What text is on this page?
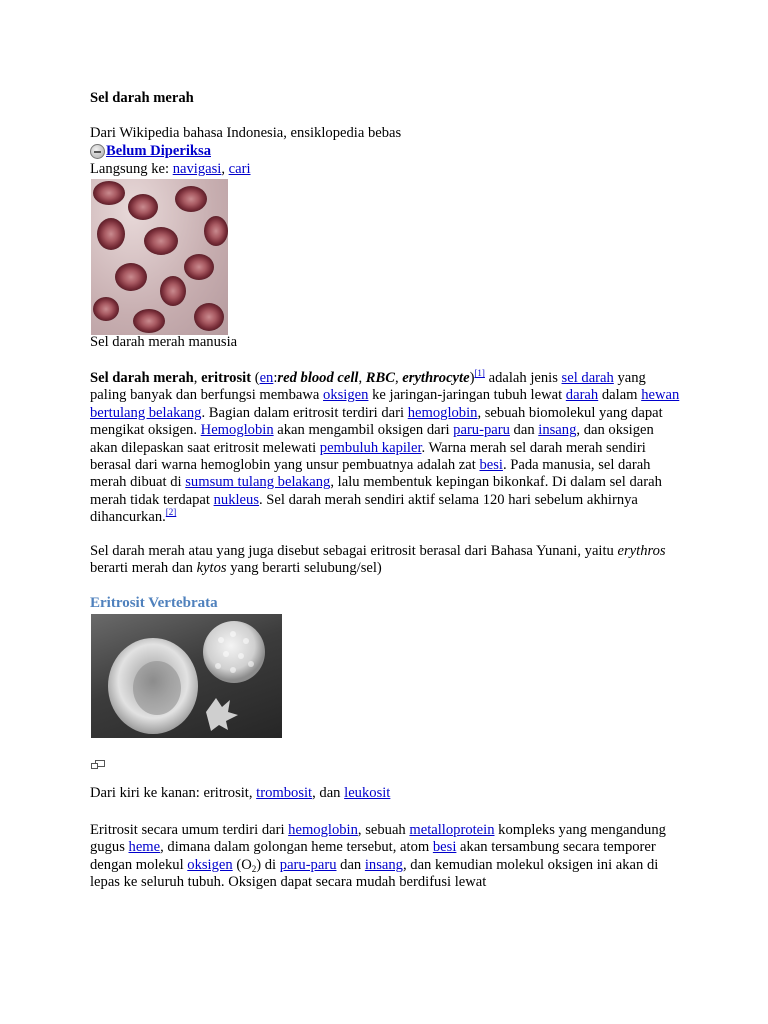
Sel darah merah
Dari Wikipedia bahasa Indonesia, ensiklopedia bebas
Belum Diperiksa
Langsung ke: navigasi, cari
Sel darah merah manusia

Sel darah merah, eritrosit (en:red blood cell, RBC, erythrocyte)[1] adalah jenis sel darah yang paling banyak dan berfungsi membawa oksigen ke jaringan-jaringan tubuh lewat darah dalam hewan bertulang belakang. Bagian dalam eritrosit terdiri dari hemoglobin, sebuah biomolekul yang dapat mengikat oksigen. Hemoglobin akan mengambil oksigen dari paru-paru dan insang, dan oksigen akan dilepaskan saat eritrosit melewati pembuluh kapiler. Warna merah sel darah merah sendiri berasal dari warna hemoglobin yang unsur pembuatnya adalah zat besi. Pada manusia, sel darah merah dibuat di sumsum tulang belakang, lalu membentuk kepingan bikonkaf. Di dalam sel darah merah tidak terdapat nukleus. Sel darah merah sendiri aktif selama 120 hari sebelum akhirnya dihancurkan.[2]

Sel darah merah atau yang juga disebut sebagai eritrosit berasal dari Bahasa Yunani, yaitu erythros berarti merah dan kytos yang berarti selubung/sel)

Eritrosit Vertebrata
Dari kiri ke kanan: eritrosit, trombosit, dan leukosit

Eritrosit secara umum terdiri dari hemoglobin, sebuah metalloprotein kompleks yang mengandung gugus heme, dimana dalam golongan heme tersebut, atom besi akan tersambung secara temporer dengan molekul oksigen $(O_2)$ di paru-paru dan insang, dan kemudian molekul oksigen ini akan di lepas ke seluruh tubuh. Oksigen dapat secara mudah berdifusi lewat
